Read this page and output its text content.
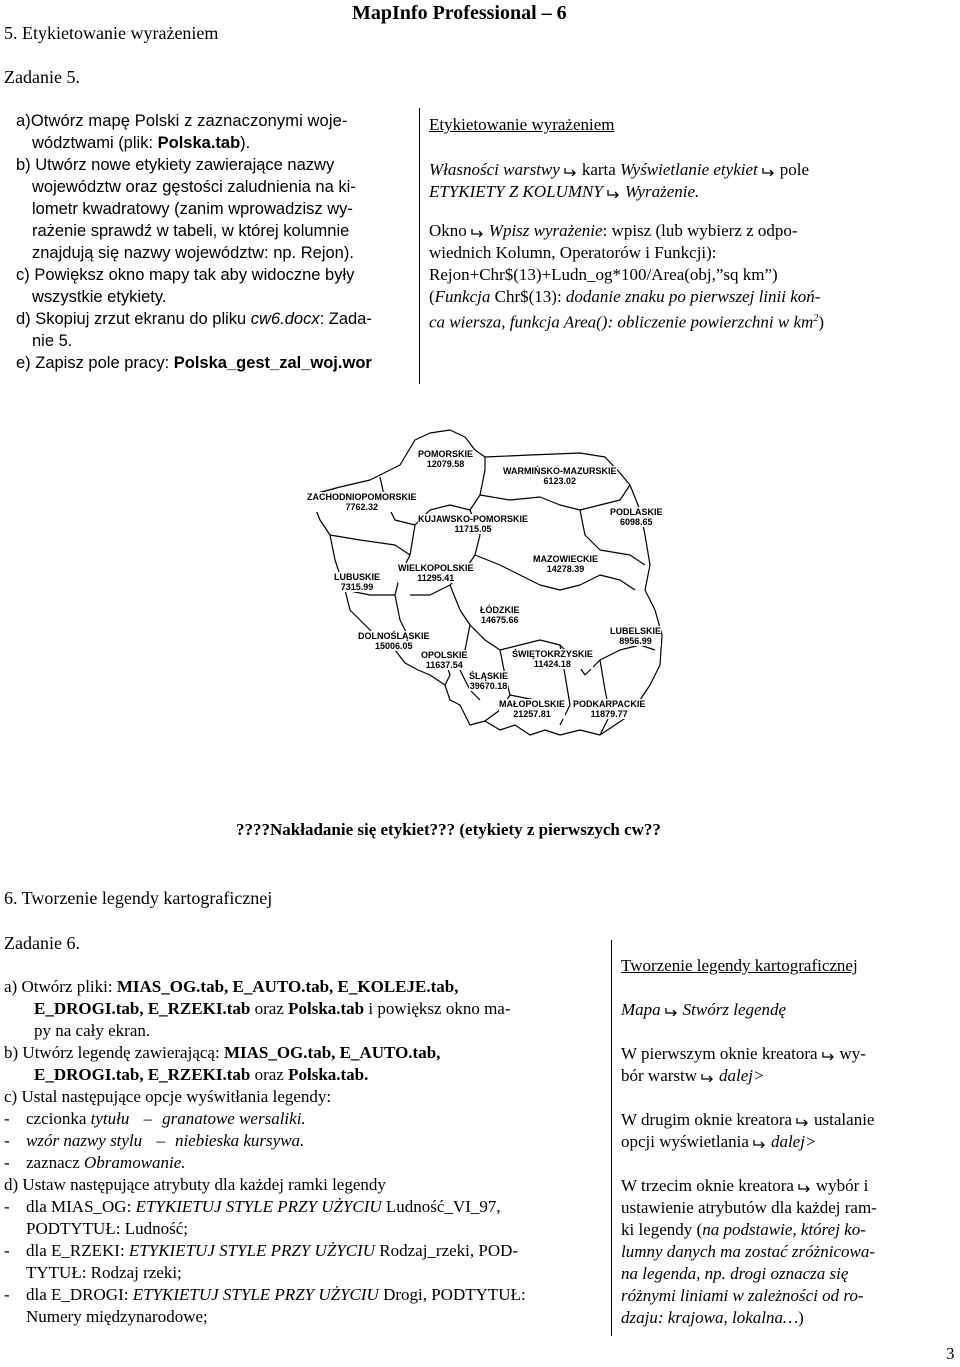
5. Etykietowanie wyrażeniem
MapInfo Professional – 6
Zadanie 5.
a)Otwórz mapę Polski z zaznaczonymi woje-
wództwami (plik: Polska.tab).
b) Utwórz nowe etykiety zawierające nazwy
województw oraz gęstości zaludnienia na ki-
lometr kwadratowy (zanim wprowadzisz wy-
rażenie sprawdź w tabeli, w której kolumnie
znajdują się nazwy województw: np. Rejon).
c) Powiększ okno mapy tak aby widoczne były
wszystkie etykiety.
d) Skopiuj zrzut ekranu do pliku cw6.docx: Zada-
nie 5.
e) Zapisz pole pracy: Polska_gest_zal_woj.wor
Etykietowanie wyrażeniem
Własności warstwy karta Wyświetlanie etykiet pole
ETYKIETY Z KOLUMNY Wyrażenie.
Okno Wpisz wyrażenie: wpisz (lub wybierz z odpo-
wiednich Kolumn, Operatorów i Funkcji):
Rejon+Chr$(13)+Ludn_og*100/Area(obj,”sq km”)
(Funkcja Chr$(13): dodanie znaku po pierwszej linii koń-
ca wiersza, funkcja Area(): obliczenie powierzchni w $km^2$)
POMORSKIE
12079.58
WARMIŃSKO-MAZURSKIE
6123.02
ZACHODNIOPOMORSKIE
7762.32
KUJAWSKO-POMORSKIE
11715.05
PODLASKIE
6098.65
WIELKOPOLSKIE
11295.41
MAZOWIECKIE
14278.39
LUBUSKIE
7315.99
ŁÓDZKIE
14675.66
DOLNOŚLĄSKIE
15006.05
LUBELSKIE
8956.99
OPOLSKIE
11637.54
ŚWIĘTOKRZYSKIE
11424.18
ŚLĄSKIE
39670.18
MAŁOPOLSKIE
21257.81
PODKARPACKIE
11879.77
????Nakładanie się etykiet??? (etykiety z pierwszych cw??
6. Tworzenie legendy kartograficznej
Zadanie 6.
a) Otwórz pliki: MIAS_OG.tab, E_AUTO.tab, E_KOLEJE.tab,
E_DROGI.tab, E_RZEKI.tab oraz Polska.tab i powiększ okno ma-
py na cały ekran.
b) Utwórz legendę zawierającą: MIAS_OG.tab, E_AUTO.tab,
E_DROGI.tab, E_RZEKI.tab oraz Polska.tab.
c) Ustal następujące opcje wyświtłania legendy:
- czcionka tytułu – granatowe wersaliki.
- wzór nazwy stylu – niebieska kursywa.
- zaznacz Obramowanie.
d) Ustaw następujące atrybuty dla każdej ramki legendy
- dla MIAS_OG: ETYKIETUJ STYLE PRZY UŻYCIU Ludność_VI_97,
PODTYTUŁ: Ludność;
- dla E_RZEKI: ETYKIETUJ STYLE PRZY UŻYCIU Rodzaj_rzeki, POD-
TYTUŁ: Rodzaj rzeki;
- dla E_DROGI: ETYKIETUJ STYLE PRZY UŻYCIU Drogi, PODTYTUŁ:
Numery międzynarodowe;
Tworzenie legendy kartograficznej
Mapa Stwórz legendę
W pierwszym oknie kreatora wy-
bór warstw dalej>
W drugim oknie kreatora ustalanie
opcji wyświetlania dalej>
W trzecim oknie kreatora wybór i
ustawienie atrybutów dla każdej ram-
ki legendy (na podstawie, której ko-
lumny danych ma zostać zróżnicowa-
na legenda, np. drogi oznacza się
różnymi liniami w zależności od ro-
dzaju: krajowa, lokalna…)
3
